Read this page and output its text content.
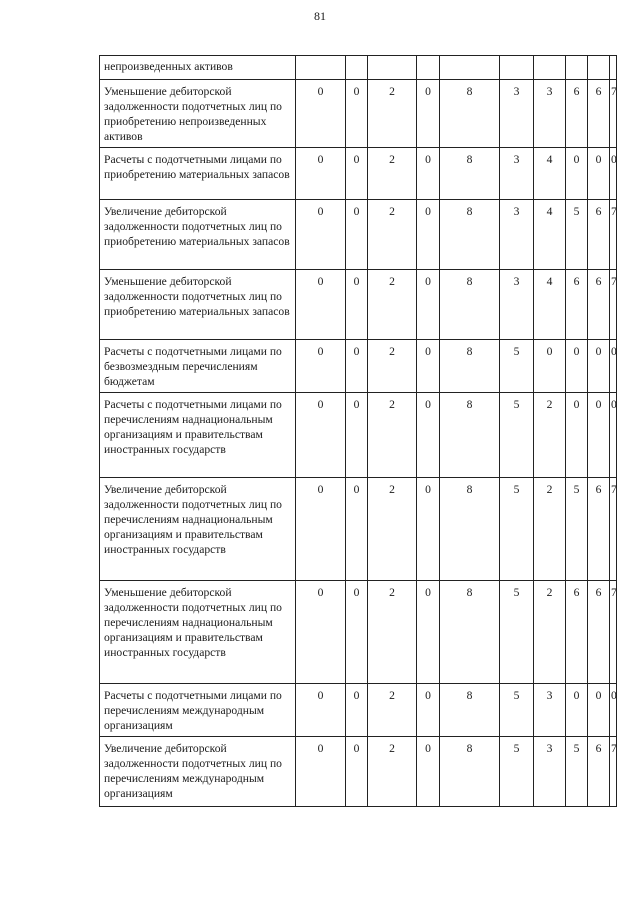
81
непроизведенных активов										
Уменьшение дебиторской задолженности подотчетных лиц по приобретению непроизведенных активов	0	0	2	0	8	3	3	6	6	7
Расчеты с подотчетными лицами по приобретению материальных запасов	0	0	2	0	8	3	4	0	0	0
Увеличение дебиторской задолженности подотчетных лиц по приобретению материальных запасов	0	0	2	0	8	3	4	5	6	7
Уменьшение дебиторской задолженности подотчетных лиц по приобретению материальных запасов	0	0	2	0	8	3	4	6	6	7
Расчеты с подотчетными лицами по безвозмездным перечислениям бюджетам	0	0	2	0	8	5	0	0	0	0
Расчеты с подотчетными лицами по перечислениям наднациональным организациям и правительствам иностранных государств	0	0	2	0	8	5	2	0	0	0
Увеличение дебиторской задолженности подотчетных лиц по перечислениям наднациональным организациям и правительствам иностранных государств	0	0	2	0	8	5	2	5	6	7
Уменьшение дебиторской задолженности подотчетных лиц по перечислениям наднациональным организациям и правительствам иностранных государств	0	0	2	0	8	5	2	6	6	7
Расчеты с подотчетными лицами по перечислениям международным организациям	0	0	2	0	8	5	3	0	0	0
Увеличение дебиторской задолженности подотчетных лиц по перечислениям международным организациям	0	0	2	0	8	5	3	5	6	7
